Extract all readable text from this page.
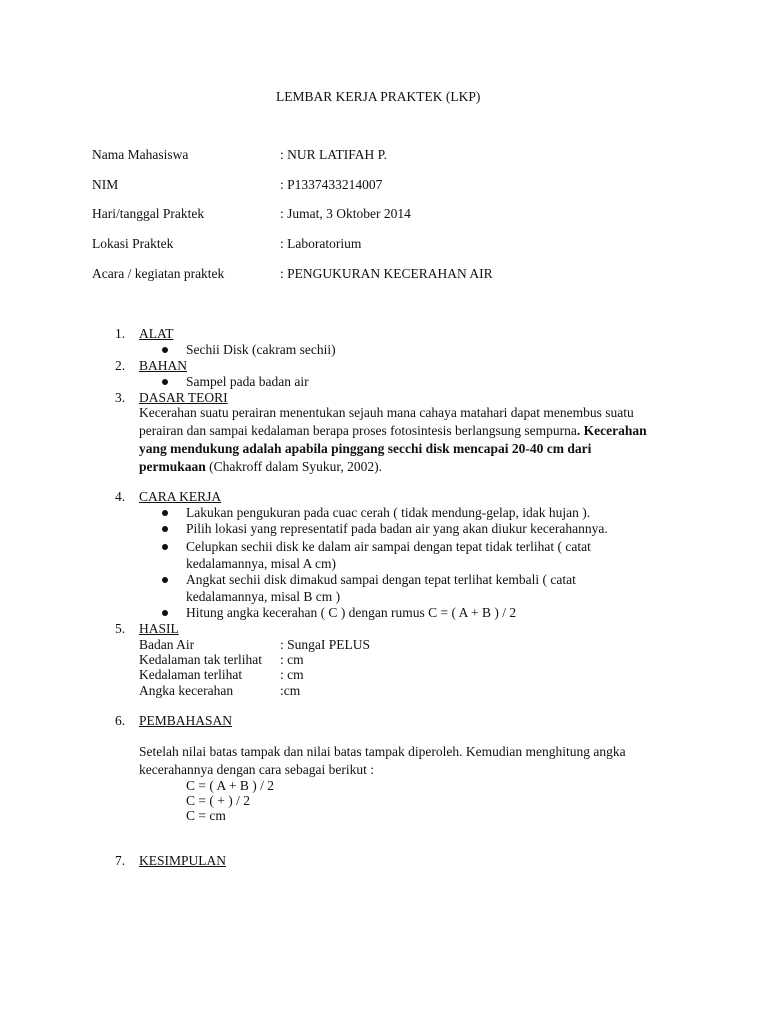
LEMBAR KERJA PRAKTEK (LKP)
Nama Mahasiswa	: NUR LATIFAH P.
NIM	: P1337433214007
Hari/tanggal Praktek	: Jumat, 3 Oktober 2014
Lokasi Praktek	: Laboratorium
Acara / kegiatan praktek	: PENGUKURAN KECERAHAN AIR
1. ALAT
Sechii Disk (cakram sechii)
2. BAHAN
Sampel pada badan air
3. DASAR TEORI
Kecerahan suatu perairan menentukan sejauh mana cahaya matahari dapat menembus suatu
perairan dan sampai kedalaman berapa proses fotosintesis berlangsung sempurna. Kecerahan
yang mendukung adalah apabila pinggang secchi disk mencapai 20-40 cm dari
permukaan (Chakroff dalam Syukur, 2002).
4. CARA KERJA
Lakukan pengukuran pada cuac cerah ( tidak mendung-gelap, idak hujan ).
Pilih lokasi yang representatif pada badan air yang akan diukur kecerahannya.
Celupkan sechii disk ke dalam air sampai dengan tepat tidak terlihat ( catat
kedalamannya, misal A cm)
Angkat sechii disk dimakud sampai dengan tepat terlihat kembali ( catat
kedalamannya, misal B cm )
Hitung angka kecerahan ( C ) dengan rumus C = ( A + B ) / 2
5. HASIL
Badan Air	: SungaI PELUS
Kedalaman tak terlihat : cm
Kedalaman terlihat	: cm
Angka kecerahan	:cm
6. PEMBAHASAN
Setelah nilai batas tampak dan nilai batas tampak diperoleh. Kemudian menghitung angka
kecerahannya dengan cara sebagai berikut :
C = ( A + B ) / 2
C = ( + ) / 2
C = cm
7. KESIMPULAN
